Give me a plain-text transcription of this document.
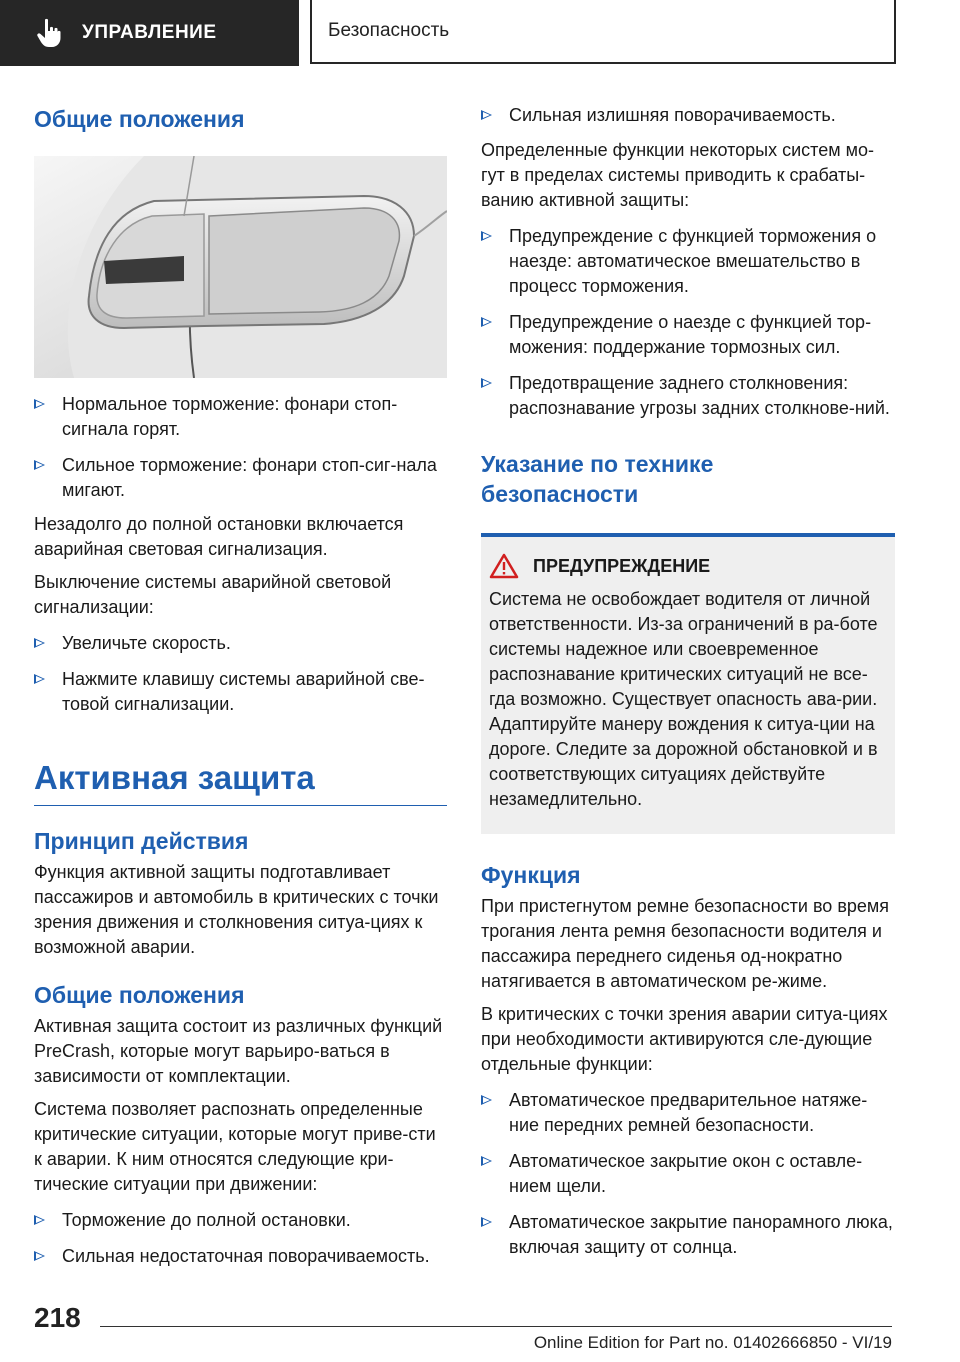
УПРАВЛЕНИЕ	Безопасность
Общие положения
Нормальное торможение: фонари стоп-сигнала горят.
Сильное торможение: фонари стоп-сиг-нала мигают.

Незадолго до полной остановки включается аварийная световая сигнализация.

Выключение системы аварийной световой сигнализации:

Увеличьте скорость.
Нажмите клавишу системы аварийной све-товой сигнализации.
Активная защита
Принцип действия

Функция активной защиты подготавливает пассажиров и автомобиль в критических с точки зрения движения и столкновения ситуа-циях к возможной аварии.

Общие положения

Активная защита состоит из различных функций PreCrash, которые могут варьиро-ваться в зависимости от комплектации.

Система позволяет распознать определенные критические ситуации, которые могут приве-сти к аварии. К ним относятся следующие кри-тические ситуации при движении:

Торможение до полной остановки.
Сильная недостаточная поворачиваемость.
Сильная излишняя поворачиваемость.

Определенные функции некоторых систем мо-гут в пределах системы приводить к срабаты-ванию активной защиты:

Предупреждение с функцией торможения о наезде: автоматическое вмешательство в процесс торможения.
Предупреждение о наезде с функцией тор-можения: поддержание тормозных сил.
Предотвращение заднего столкновения: распознавание угрозы задних столкнове-ний.
Указание по технике безопасности
ПРЕДУПРЕЖДЕНИЕ

Система не освобождает водителя от личной ответственности. Из-за ограничений в ра-боте системы надежное или своевременное распознавание критических ситуаций не все-гда возможно. Существует опасность ава-рии. Адаптируйте манеру вождения к ситуа-ции на дороге. Следите за дорожной обстановкой и в соответствующих ситуациях действуйте незамедлительно.

Функция

При пристегнутом ремне безопасности во время трогания лента ремня безопасности водителя и пассажира переднего сиденья од-нократно натягивается в автоматическом ре-жиме.

В критических с точки зрения аварии ситуа-циях при необходимости активируются сле-дующие отдельные функции:

Автоматическое предварительное натяже-ние передних ремней безопасности.
Автоматическое закрытие окон с оставле-нием щели.
Автоматическое закрытие панорамного люка, включая защиту от солнца.
218
Online Edition for Part no. 01402666850 - VI/19
